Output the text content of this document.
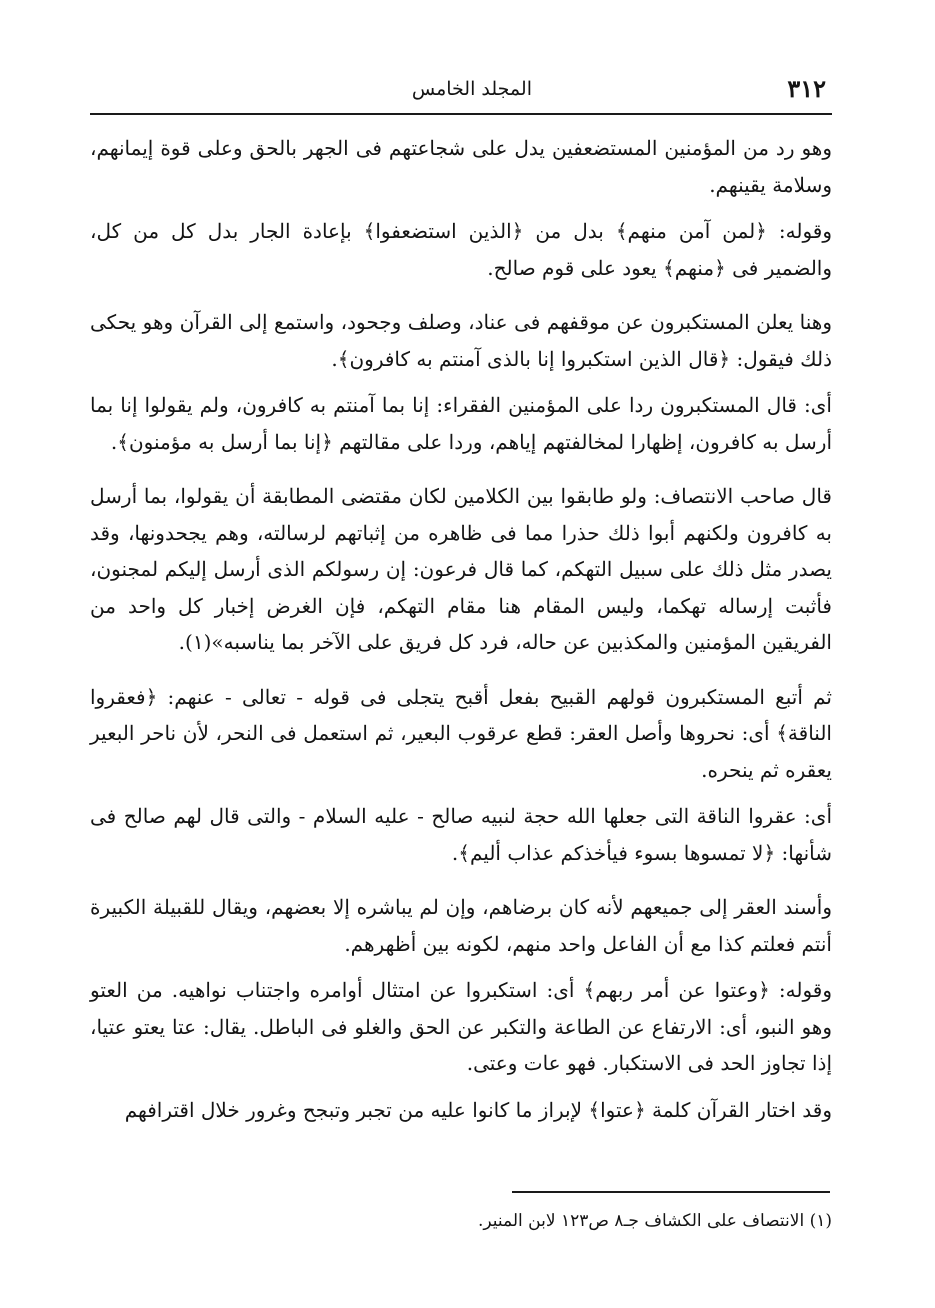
٣١٢
المجلد الخامس

وهو رد من المؤمنين المستضعفين يدل على شجاعتهم فى الجهر بالحق وعلى قوة إيمانهم، وسلامة يقينهم.

وقوله: ﴿لمن آمن منهم﴾ بدل من ﴿الذين استضعفوا﴾ بإعادة الجار بدل كل من كل، والضمير فى ﴿منهم﴾ يعود على قوم صالح.

وهنا يعلن المستكبرون عن موقفهم فى عناد، وصلف وجحود، واستمع إلى القرآن وهو يحكى ذلك فيقول: ﴿قال الذين استكبروا إنا بالذى آمنتم به كافرون﴾.

أى: قال المستكبرون ردا على المؤمنين الفقراء: إنا بما آمنتم به كافرون، ولم يقولوا إنا بما أرسل به كافرون، إظهارا لمخالفتهم إياهم، وردا على مقالتهم ﴿إنا بما أرسل به مؤمنون﴾.

قال صاحب الانتصاف: ولو طابقوا بين الكلامين لكان مقتضى المطابقة أن يقولوا، بما أرسل به كافرون ولكنهم أبوا ذلك حذرا مما فى ظاهره من إثباتهم لرسالته، وهم يجحدونها، وقد يصدر مثل ذلك على سبيل التهكم، كما قال فرعون: إن رسولكم الذى أرسل إليكم لمجنون، فأثبت إرساله تهكما، وليس المقام هنا مقام التهكم، فإن الغرض إخبار كل واحد من الفريقين المؤمنين والمكذبين عن حاله، فرد كل فريق على الآخر بما يناسبه»(١).

ثم أتبع المستكبرون قولهم القبيح بفعل أقبح يتجلى فى قوله - تعالى - عنهم: ﴿فعقروا الناقة﴾ أى: نحروها وأصل العقر: قطع عرقوب البعير، ثم استعمل فى النحر، لأن ناحر البعير يعقره ثم ينحره.

أى: عقروا الناقة التى جعلها الله حجة لنبيه صالح - عليه السلام - والتى قال لهم صالح فى شأنها: ﴿لا تمسوها بسوء فيأخذكم عذاب أليم﴾.

وأسند العقر إلى جميعهم لأنه كان برضاهم، وإن لم يباشره إلا بعضهم، ويقال للقبيلة الكبيرة أنتم فعلتم كذا مع أن الفاعل واحد منهم، لكونه بين أظهرهم.

وقوله: ﴿وعتوا عن أمر ربهم﴾ أى: استكبروا عن امتثال أوامره واجتناب نواهيه. من العتو وهو النبو، أى: الارتفاع عن الطاعة والتكبر عن الحق والغلو فى الباطل. يقال: عتا يعتو عتيا، إذا تجاوز الحد فى الاستكبار. فهو عات وعتى.

وقد اختار القرآن كلمة ﴿عتوا﴾ لإبراز ما كانوا عليه من تجبر وتبجح وغرور خلال اقترافهم

(١) الانتصاف على الكشاف جـ٨ ص١٢٣ لابن المنير.
